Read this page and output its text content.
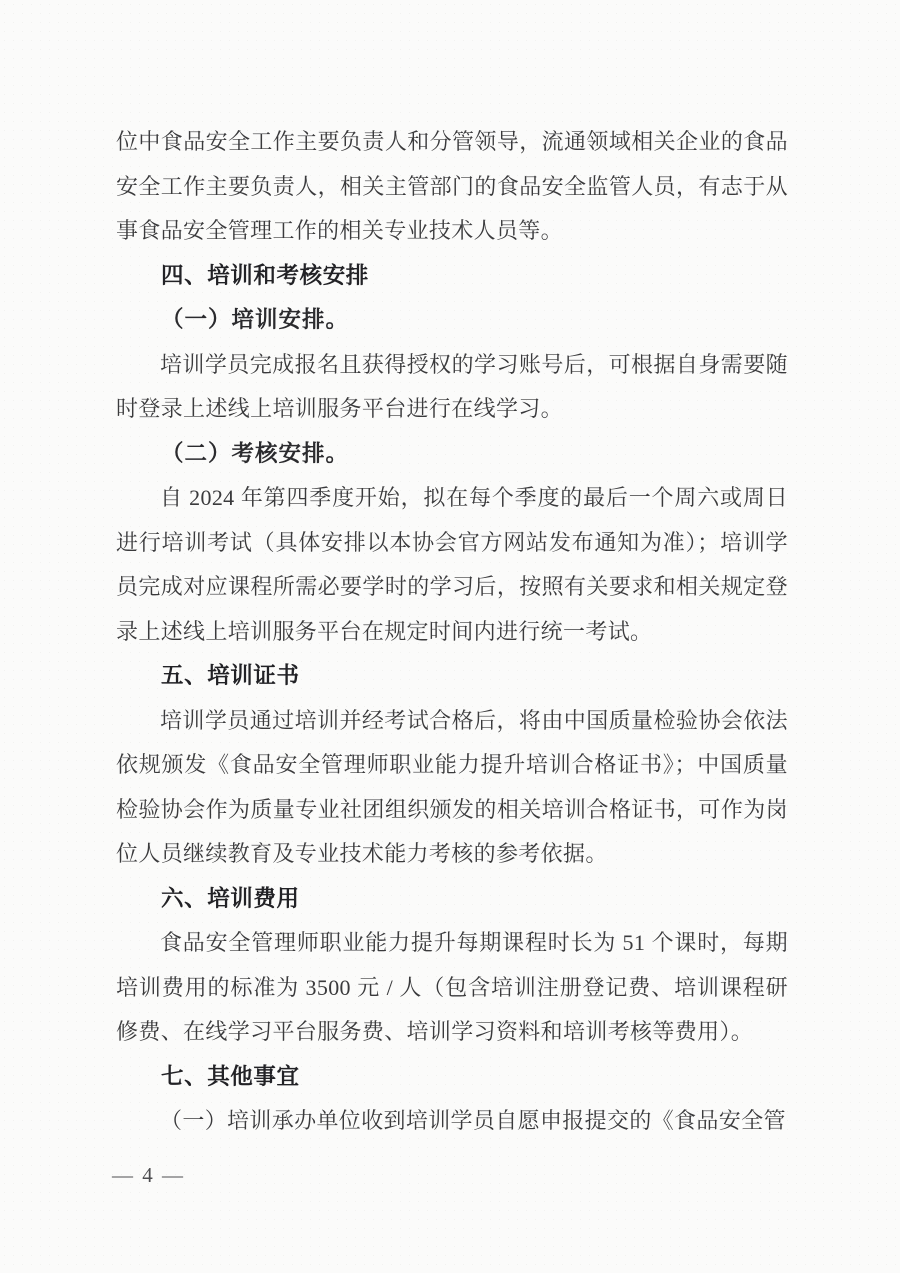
位中食品安全工作主要负责人和分管领导，流通领域相关企业的食品安全工作主要负责人，相关主管部门的食品安全监管人员，有志于从事食品安全管理工作的相关专业技术人员等。

四、培训和考核安排

（一）培训安排。

培训学员完成报名且获得授权的学习账号后，可根据自身需要随时登录上述线上培训服务平台进行在线学习。

（二）考核安排。

自 2024 年第四季度开始，拟在每个季度的最后一个周六或周日进行培训考试（具体安排以本协会官方网站发布通知为准）；培训学员完成对应课程所需必要学时的学习后，按照有关要求和相关规定登录上述线上培训服务平台在规定时间内进行统一考试。

五、培训证书

培训学员通过培训并经考试合格后，将由中国质量检验协会依法依规颁发《食品安全管理师职业能力提升培训合格证书》；中国质量检验协会作为质量专业社团组织颁发的相关培训合格证书，可作为岗位人员继续教育及专业技术能力考核的参考依据。

六、培训费用

食品安全管理师职业能力提升每期课程时长为 51 个课时，每期培训费用的标准为 3500 元 / 人（包含培训注册登记费、培训课程研修费、在线学习平台服务费、培训学习资料和培训考核等费用）。

七、其他事宜

（一）培训承办单位收到培训学员自愿申报提交的《食品安全管

— 4 —
